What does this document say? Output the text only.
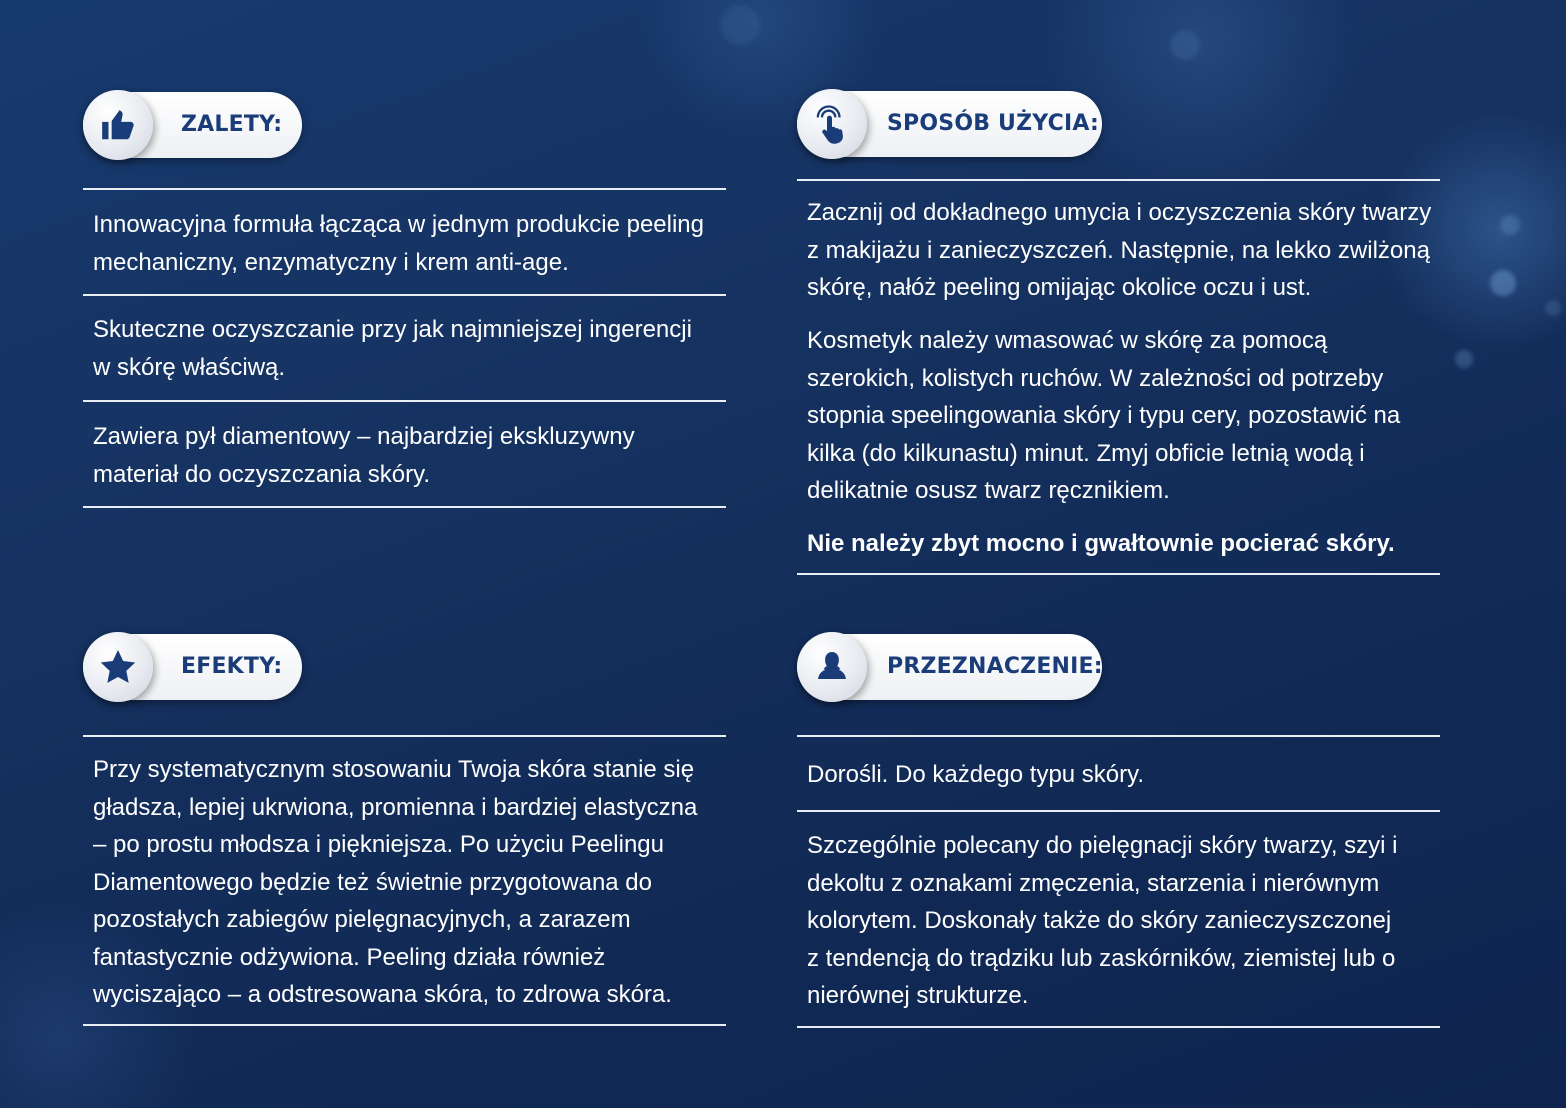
ZALETY:
Innowacyjna formuła łącząca w jednym produkcie peeling mechaniczny, enzymatyczny i krem anti-age.
Skuteczne oczyszczanie przy jak najmniejszej ingerencji w skórę właściwą.
Zawiera pył diamentowy – najbardziej ekskluzywny materiał do oczyszczania skóry.
SPOSÓB UŻYCIA:
Zacznij od dokładnego umycia i oczyszczenia skóry twarzy z makijażu i zanieczyszczeń. Następnie, na lekko zwilżoną skórę, nałóż peeling omijając okolice oczu i ust.
Kosmetyk należy wmasować w skórę za pomocą szerokich, kolistych ruchów. W zależności od potrzeby stopnia speelingowania skóry i typu cery, pozostawić na kilka (do kilkunastu) minut. Zmyj obficie letnią wodą i delikatnie osusz twarz ręcznikiem.
Nie należy zbyt mocno i gwałtownie pocierać skóry.
EFEKTY:
Przy systematycznym stosowaniu Twoja skóra stanie się gładsza, lepiej ukrwiona, promienna i bardziej elastyczna – po prostu młodsza i piękniejsza. Po użyciu Peelingu Diamentowego będzie też świetnie przygotowana do pozostałych zabiegów pielęgnacyjnych, a zarazem fantastycznie odżywiona. Peeling działa również wyciszająco – a odstresowana skóra, to zdrowa skóra.
PRZEZNACZENIE:
Dorośli. Do każdego typu skóry.
Szczególnie polecany do pielęgnacji skóry twarzy, szyi i dekoltu z oznakami zmęczenia, starzenia i nierównym kolorytem. Doskonały także do skóry zanieczyszczonej z tendencją do trądziku lub zaskórników, ziemistej lub o nierównej strukturze.
